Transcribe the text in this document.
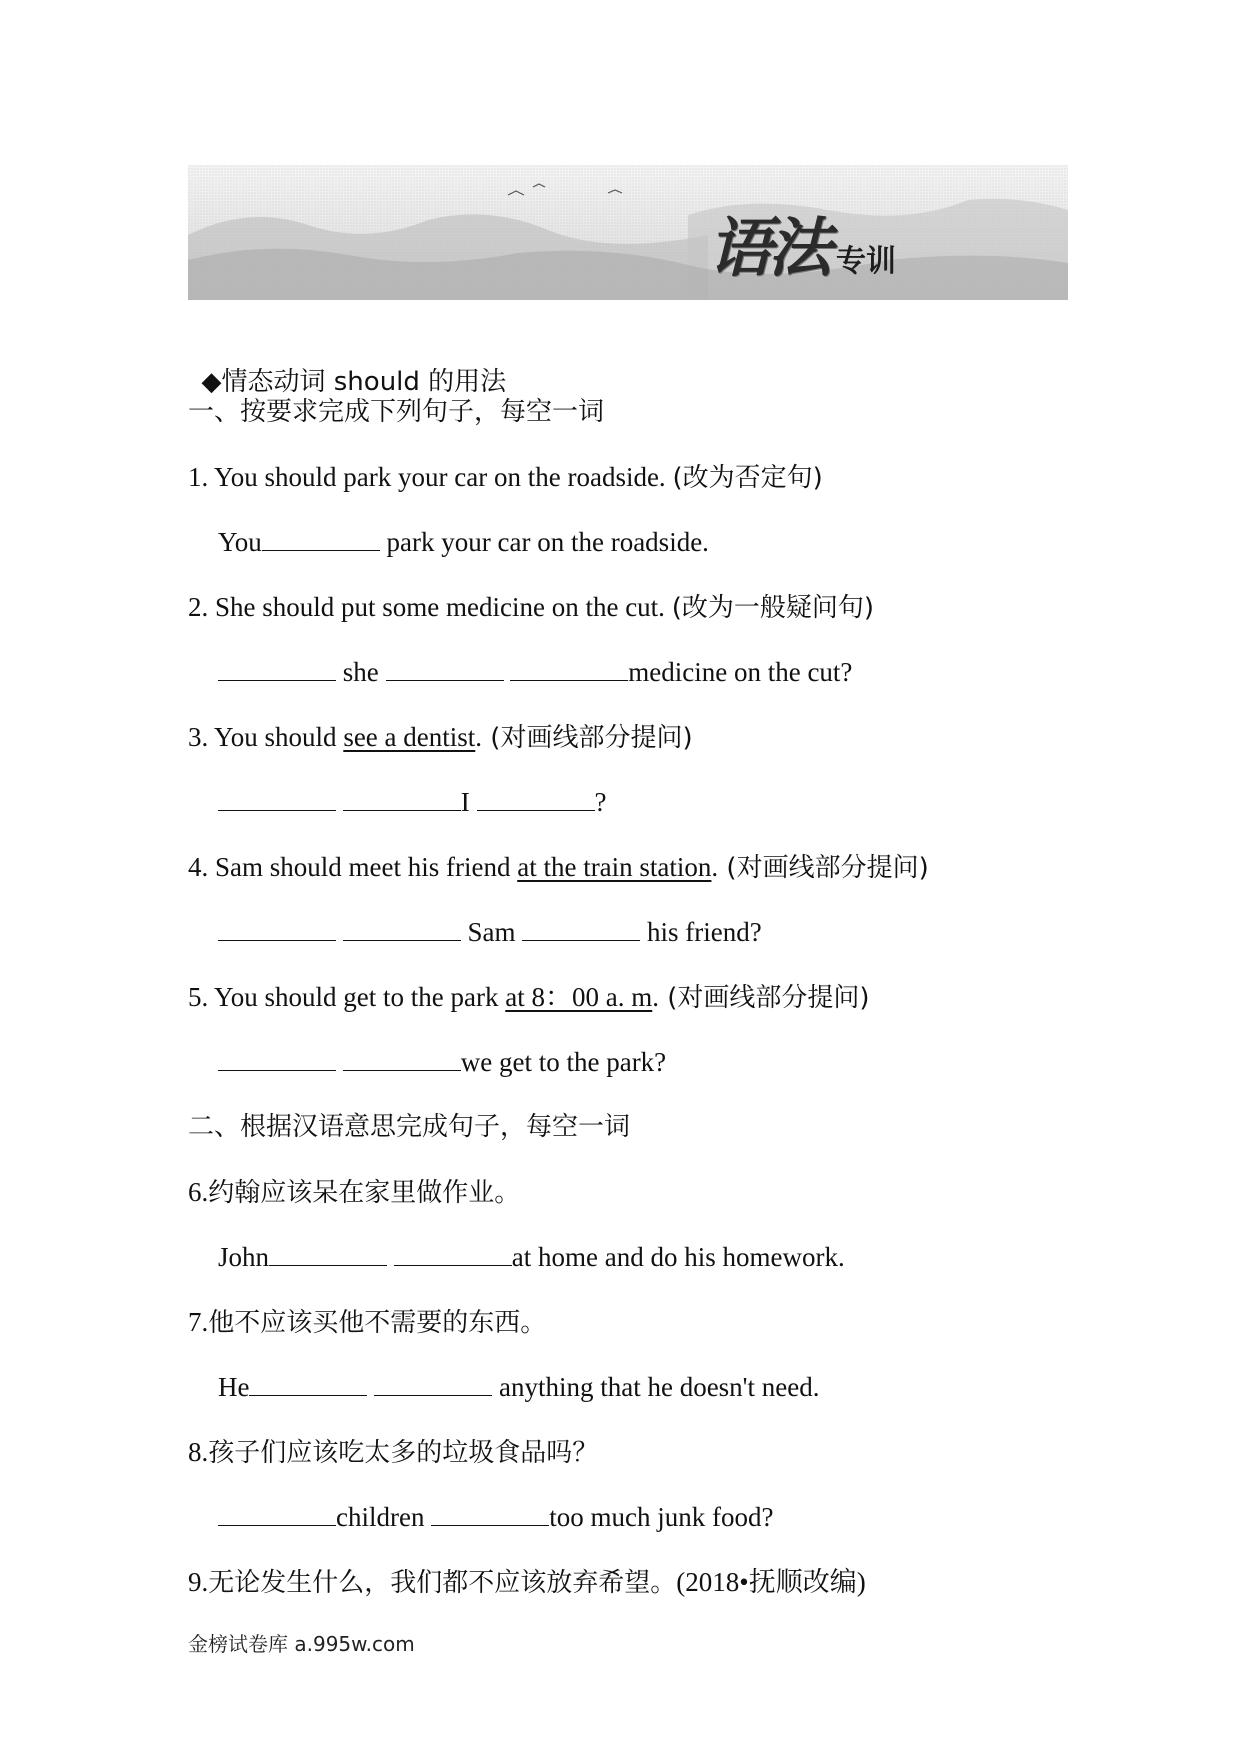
语法 专训

◆情态动词 should 的用法

一、按要求完成下列句子，每空一词
1. You should park your car on the roadside. (改为否定句)
You	park your car on the roadside.
2. She should put some medicine on the cut. (改为一般疑问句)
she	medicine on the cut?
3. You should see a dentist. (对画线部分提问)
I	?
4. Sam should meet his friend at the train station. (对画线部分提问)
Sam	his friend?
5. You should get to the park at 8：00 a. m. (对画线部分提问)
we get to the park?
二、根据汉语意思完成句子，每空一词
6.约翰应该呆在家里做作业。
John	at home and do his homework.
7.他不应该买他不需要的东西。
He	anything that he doesn't need.
8.孩子们应该吃太多的垃圾食品吗？
children	too much junk food?
9.无论发生什么，我们都不应该放弃希望。(2018•抚顺改编)
金榜试卷库 a.995w.com
